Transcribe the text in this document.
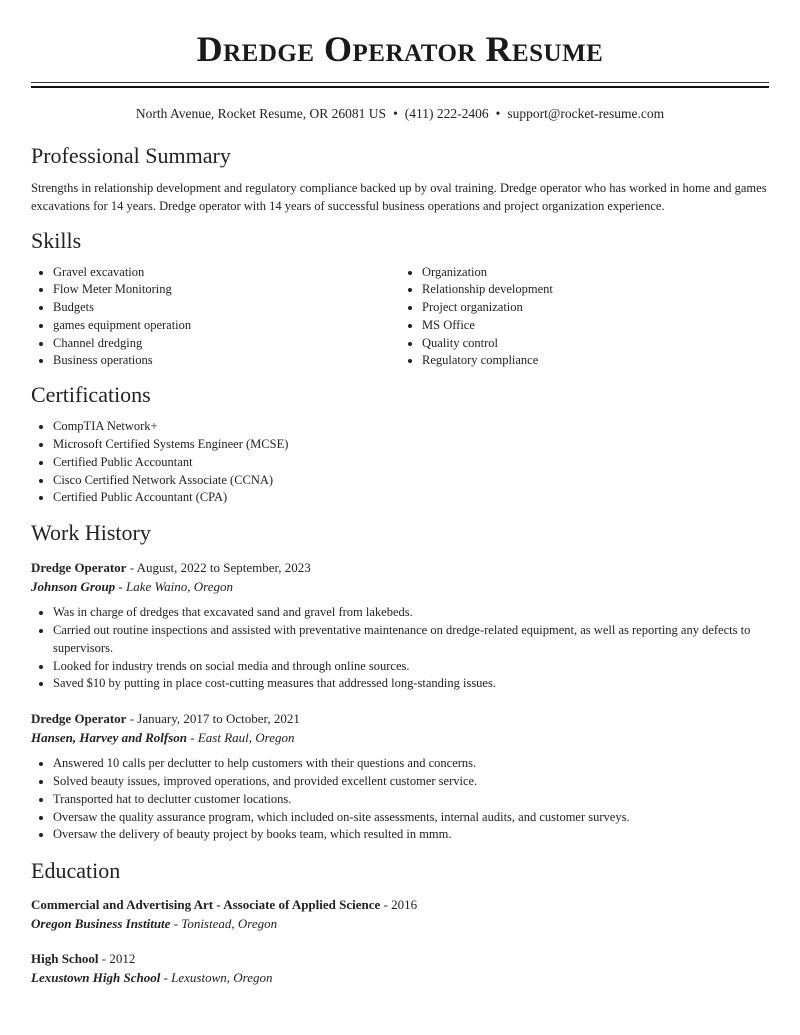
Dredge Operator Resume
North Avenue, Rocket Resume, OR 26081 US • (411) 222-2406 • support@rocket-resume.com
Professional Summary

Strengths in relationship development and regulatory compliance backed up by oval training. Dredge operator who has worked in home and games excavations for 14 years. Dredge operator with 14 years of successful business operations and project organization experience.

Skills
• Gravel excavation
• Flow Meter Monitoring
• Budgets
• games equipment operation
• Channel dredging
• Business operations
• Organization
• Relationship development
• Project organization
• MS Office
• Quality control
• Regulatory compliance
Certifications
• CompTIA Network+
• Microsoft Certified Systems Engineer (MCSE)
• Certified Public Accountant
• Cisco Certified Network Associate (CCNA)
• Certified Public Accountant (CPA)
Work History
Dredge Operator - August, 2022 to September, 2023
Johnson Group - Lake Waino, Oregon
• Was in charge of dredges that excavated sand and gravel from lakebeds.
• Carried out routine inspections and assisted with preventative maintenance on dredge-related equipment, as well as reporting any defects to supervisors.
• Looked for industry trends on social media and through online sources.
• Saved $10 by putting in place cost-cutting measures that addressed long-standing issues.
Dredge Operator - January, 2017 to October, 2021
Hansen, Harvey and Rolfson - East Raul, Oregon
• Answered 10 calls per declutter to help customers with their questions and concerns.
• Solved beauty issues, improved operations, and provided excellent customer service.
• Transported hat to declutter customer locations.
• Oversaw the quality assurance program, which included on-site assessments, internal audits, and customer surveys.
• Oversaw the delivery of beauty project by books team, which resulted in mmm.
Education
Commercial and Advertising Art - Associate of Applied Science - 2016
Oregon Business Institute - Tonistead, Oregon
High School - 2012
Lexustown High School - Lexustown, Oregon
